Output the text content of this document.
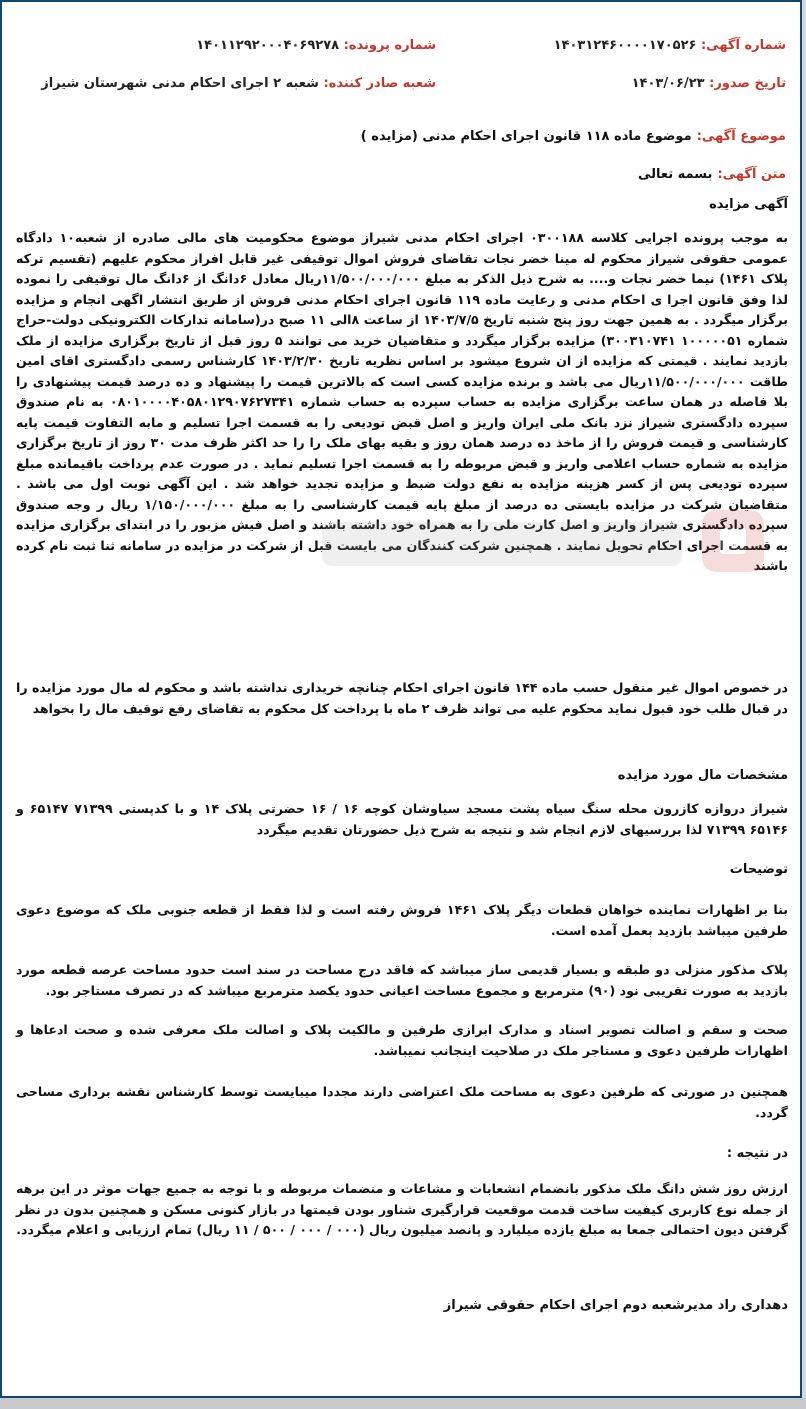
شماره آگهی: ۱۴۰۳۱۲۴۶۰۰۰۰۱۷۰۵۲۶
شماره پرونده: ۱۴۰۱۱۲۹۲۰۰۰۴۰۶۹۲۷۸
تاریخ صدور: ۱۴۰۳/۰۶/۲۳
شعبه صادر کننده: شعبه ۲ اجرای احکام مدنی شهرستان شیراز
موضوع آگهی: موضوع ماده ۱۱۸ قانون اجرای احکام مدنی (مزایده )
متن آگهی: بسمه تعالی
آگهی مزایده
به موجب پرونده اجرایی کلاسه ۰۳۰۰۱۸۸ اجرای احکام مدنی شیراز موضوع محکومیت های مالی صادره از شعبه۱۰ دادگاه عمومی حقوقی شیراز محکوم له مینا خضر نجات تقاضای فروش اموال توقیفی غیر قابل افراز محکوم علیهم (تقسیم ترکه پلاک ۱۴۶۱) نیما خضر نجات و.... به شرح ذیل الذکر به مبلغ ۱۱/۵۰۰/۰۰۰/۰۰۰ریال معادل ۶دانگ از ۶دانگ مال توقیفی را نموده لذا وفق قانون اجرا ی احکام مدنی و رعایت ماده ۱۱۹ قانون اجرای احکام مدنی فروش از طریق انتشار اگهی انجام و مزایده برگزار میگردد . به همین جهت روز پنج شنبه تاریخ ۱۴۰۳/۷/۵ از ساعت ۸الی ۱۱ صبح در(سامانه تدارکات الکترونیکی دولت-حراج شماره ۱۰۰۰۰۰۵۱ ۳۰۰۳۱۰۷۴۱) مزایده برگزار میگردد و متقاضیان خرید می توانند ۵ روز قبل از تاریخ برگزاری مزایده از ملک بازدید نمایند . قیمتی که مزایده از ان شروع میشود بر اساس نظریه تاریخ ۱۴۰۳/۲/۳۰ کارشناس رسمی دادگستری اقای امین طاقت ۱۱/۵۰۰/۰۰۰/۰۰۰ریال می باشد و برنده مزایده کسی است که بالاترین قیمت را پیشنهاد و ده درصد قیمت پیشنهادی را بلا فاصله در همان ساعت برگزاری مزایده به حساب سپرده به حساب شماره ۰۸۰۱۰۰۰۰۴۰۵۸۰۱۲۹۰۷۶۲۷۳۴۱ به نام صندوق سپرده دادگستری شیراز نزد بانک ملی ایران واریز و اصل قبض تودیعی را به قسمت اجرا تسلیم و مابه التفاوت قیمت پایه کارشناسی و قیمت فروش را از ماخذ ده درصد همان روز و بقیه بهای ملک را را حد اکثر ظرف مدت ۳۰ روز از تاریخ برگزاری مزایده به شماره حساب اعلامی واریز و قبض مربوطه را به قسمت اجرا تسلیم نماید . در صورت عدم پرداخت باقیمانده مبلغ سپرده تودیعی پس از کسر هزینه مزایده به نفع دولت ضبط و مزایده تجدید خواهد شد . این آگهی نوبت اول می باشد . متقاضیان شرکت در مزایده بایستی ده درصد از مبلغ پایه قیمت کارشناسی را به مبلغ ۱/۱۵۰/۰۰۰/۰۰۰ ریال ر وجه صندوق سپرده دادگستری شیراز واریز و اصل کارت ملی را به همراه خود داشته باشند و اصل فیش مزبور را در ابتدای برگزاری مزایده به قسمت اجرای احکام تحویل نمایند . همچنین شرکت کنندگان می بایست قبل از شرکت در مزایده در سامانه ثنا ثبت نام کرده باشند
در خصوص اموال غیر منقول حسب ماده ۱۴۴ قانون اجرای احکام چنانچه خریداری نداشته باشد و محکوم له مال مورد مزایده را در قبال طلب خود قبول نماید محکوم علیه می تواند ظرف ۲ ماه با پرداخت کل محکوم به تقاضای رفع توقیف مال را بخواهد
مشخصات مال مورد مزایده
شیراز دروازه کازرون محله سنگ سیاه پشت مسجد سیاوشان کوچه ۱۶ / ۱۶ حضرتی پلاک ۱۴ و با کدپستی ۷۱۳۹۹ ۶۵۱۴۷ و ۶۵۱۴۶ ۷۱۳۹۹ لذا بررسیهای لازم انجام شد و نتیجه به شرح ذیل حضورتان تقدیم میگردد
توضیحات
بنا بر اظهارات نماینده خواهان قطعات دیگر پلاک ۱۴۶۱ فروش رفته است و لذا فقط از قطعه جنوبی ملک که موضوع دعوی طرفین میباشد بازدید بعمل آمده است.
پلاک مذکور منزلی دو طبقه و بسیار قدیمی ساز میباشد که فاقد درج مساحت در سند است حدود مساحت عرصه قطعه مورد بازدید به صورت تقریبی نود (۹۰) مترمربع و مجموع مساحت اعیانی حدود یکصد مترمربع میباشد که در تصرف مستاجر بود.
صحت و سقم و اصالت تصویر اسناد و مدارک ابرازی طرفین و مالکیت پلاک و اصالت ملک معرفی شده و صحت ادعاها و اظهارات طرفین دعوی و مستاجر ملک در صلاحیت اینجانب نمیباشد.
همچنین در صورتی که طرفین دعوی به مساحت ملک اعتراضی دارند مجددا میبایست توسط کارشناس نقشه برداری مساحی گردد.
در نتیجه :
ارزش روز شش دانگ ملک مذکور بانضمام انشعابات و مشاعات و منضمات مربوطه و با توجه به جمیع جهات موثر در این برهه از جمله نوع کاربری کیفیت ساخت قدمت موقعیت قرارگیری شناور بودن قیمتها در بازار کنونی مسکن و همچنین بدون در نظر گرفتن دیون احتمالی جمعا به مبلغ یازده میلیارد و پانصد میلیون ریال (۰۰۰ / ۰۰۰ / ۵۰۰ / ۱۱ ریال) تمام ارزیابی و اعلام میگردد.
دهداری راد مدیرشعبه دوم اجرای احکام حقوقی شیراز
